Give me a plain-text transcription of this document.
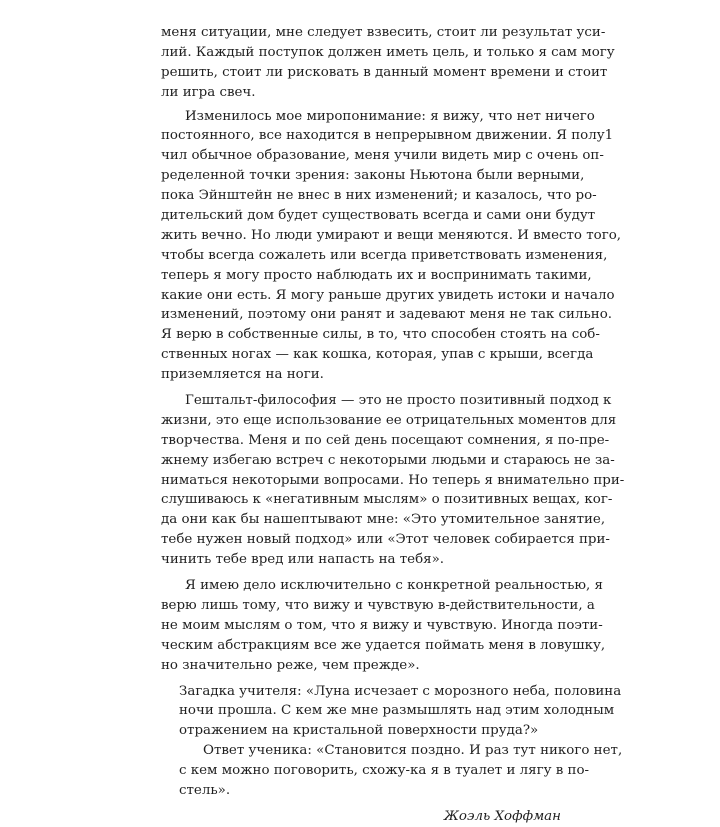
меня ситуации, мне следует взвесить, стоит ли результат уси-
лий. Каждый поступок должен иметь цель, и только я сам могу
решить, стоит ли рисковать в данный момент времени и стоит
ли игра свеч.
Изменилось мое миропонимание: я вижу, что нет ничего
постоянного, все находится в непрерывном движении. Я полу1
чил обычное образование, меня учили видеть мир с очень оп-
ределенной точки зрения: законы Ньютона были верными,
пока Эйнштейн не внес в них изменений; и казалось, что ро-
дительский дом будет существовать всегда и сами они будут
жить вечно. Но люди умирают и вещи меняются. И вместо того,
чтобы всегда сожалеть или всегда приветствовать изменения,
теперь я могу просто наблюдать их и воспринимать такими,
какие они есть. Я могу раньше других увидеть истоки и начало
изменений, поэтому они ранят и задевают меня не так сильно.
Я верю в собственные силы, в то, что способен стоять на соб-
ственных ногах — как кошка, которая, упав с крыши, всегда
приземляется на ноги.
Гештальт-философия — это не просто позитивный подход к
жизни, это еще использование ее отрицательных моментов для
творчества. Меня и по сей день посещают сомнения, я по-пре-
жнему избегаю встреч с некоторыми людьми и стараюсь не за-
ниматься некоторыми вопросами. Но теперь я внимательно при-
слушиваюсь к «негативным мыслям» о позитивных вещах, ког-
да они как бы нашептывают мне: «Это утомительное занятие,
тебе нужен новый подход» или «Этот человек собирается при-
чинить тебе вред или напасть на тебя».
Я имею дело исключительно с конкретной реальностью, я
верю лишь тому, что вижу и чувствую в-действительности, а
не моим мыслям о том, что я вижу и чувствую. Иногда поэти-
ческим абстракциям все же удается поймать меня в ловушку,
но значительно реже, чем прежде».
Загадка учителя: «Луна исчезает с морозного неба, половина
ночи прошла. С кем же мне размышлять над этим холодным
отражением на кристальной поверхности пруда?»
Ответ ученика: «Становится поздно. И раз тут никого нет,
с кем можно поговорить, схожу-ка я в туалет и лягу в по-
стель».
Жоэль Хоффман
